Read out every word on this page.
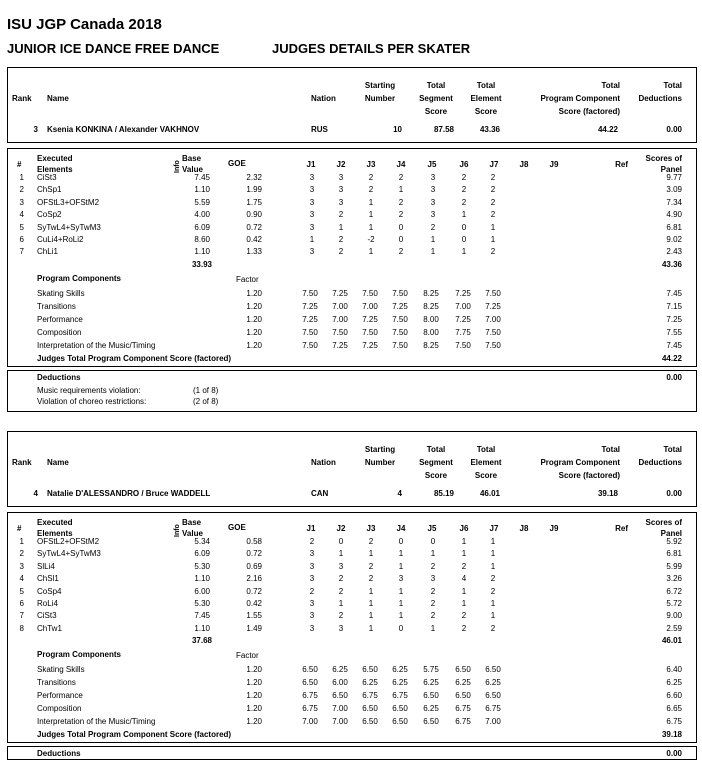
ISU JGP Canada 2018
JUNIOR ICE DANCE FREE DANCE	JUDGES DETAILS PER SKATER
Rank Name	Nation
Starting
Number
Total
Segment
Score
Total
Element
Score
Total
Program Component
Score (factored)
Total
Deductions
3 Ksenia KONKINA / Alexander VAKHNOV	RUS	10	87.58	43.36	44.22	0.00
#
Executed
Elements	Info
Base
Value
GOE	J1	J2	J3	J4	J5	J6	J7	J8	J9	Ref
Scores of
Panel
1 CiSt3	7.45	2.32	3	3	2	2	3	2	2	9.77
2 ChSp1	1.10	1.99	3	3	2	1	3	2	2	3.09
3 OFStL3+OFStM2	5.59	1.75	3	3	1	2	3	2	2	7.34
4 CoSp2	4.00	0.90	3	2	1	2	3	1	2	4.90
5 SyTwL4+SyTwM3	6.09	0.72	3	1	1	0	2	0	1	6.81
6 CuLi4+RoLi2	8.60	0.42	1	2	-2	0	1	0	1	9.02
7 ChLi1	1.10	1.33	3	2	1	2	1	1	2	2.43
33.93	43.36
Program Components	Factor
Skating Skills	1.20	7.50	7.25	7.50	7.50	8.25	7.25	7.50	7.45
Transitions	1.20	7.25	7.00	7.00	7.25	8.25	7.00	7.25	7.15
Performance	1.20	7.25	7.00	7.25	7.50	8.00	7.25	7.00	7.25
Composition	1.20	7.50	7.50	7.50	7.50	8.00	7.75	7.50	7.55
Interpretation of the Music/Timing	1.20	7.50	7.25	7.25	7.50	8.25	7.50	7.50	7.45
Judges Total Program Component Score (factored)	44.22
Deductions	0.00
Music requirements violation:	(1 of 8)
Violation of choreo restrictions:	(2 of 8)
Rank Name	Nation
Starting
Number
Total
Segment
Score
Total
Element
Score
Total
Program Component
Score (factored)
Total
Deductions
4 Natalie D'ALESSANDRO / Bruce WADDELL	CAN	4	85.19	46.01	39.18	0.00
#
Executed
Elements	Info
Base
Value
GOE	J1	J2	J3	J4	J5	J6	J7	J8	J9	Ref
Scores of
Panel
1 OFStL2+OFStM2	5.34	0.58	2	0	2	0	0	1	1	5.92
2 SyTwL4+SyTwM3	6.09	0.72	3	1	1	1	1	1	1	6.81
3 SlLi4	5.30	0.69	3	3	2	1	2	2	1	5.99
4 ChSl1	1.10	2.16	3	2	2	3	3	4	2	3.26
5 CoSp4	6.00	0.72	2	2	1	1	2	1	2	6.72
6 RoLi4	5.30	0.42	3	1	1	1	2	1	1	5.72
7 CiSt3	7.45	1.55	3	2	1	1	2	2	1	9.00
8 ChTw1	1.10	1.49	3	3	1	0	1	2	2	2.59
37.68	46.01
Program Components	Factor
Skating Skills	1.20	6.50	6.25	6.50	6.25	5.75	6.50	6.50	6.40
Transitions	1.20	6.50	6.00	6.25	6.25	6.25	6.25	6.25	6.25
Performance	1.20	6.75	6.50	6.75	6.75	6.50	6.50	6.50	6.60
Composition	1.20	6.75	7.00	6.50	6.50	6.25	6.75	6.75	6.65
Interpretation of the Music/Timing	1.20	7.00	7.00	6.50	6.50	6.50	6.75	7.00	6.75
Judges Total Program Component Score (factored)	39.18
Deductions	0.00
